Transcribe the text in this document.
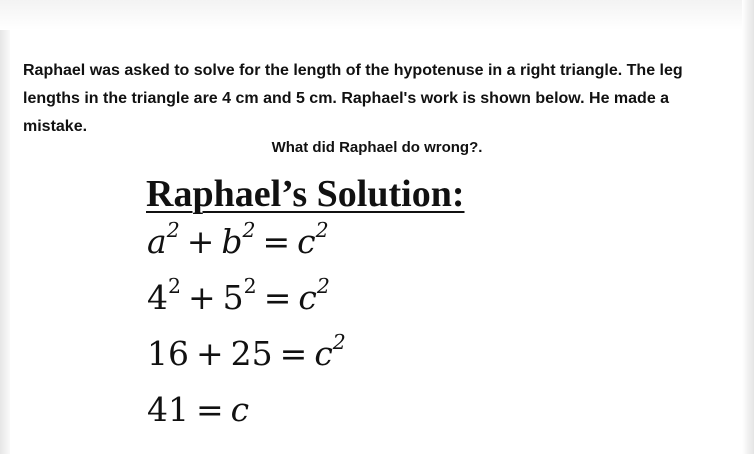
Raphael was asked to solve for the length of the hypotenuse in a right triangle. The leg lengths in the triangle are 4 cm and 5 cm. Raphael's work is shown below. He made a mistake.

What did Raphael do wrong?.

Raphael’s Solution:

$a^2 + b^2 = c^2$
$4^2 + 5^2 = c^2$
$16 + 25 = c^2$
41 = c
